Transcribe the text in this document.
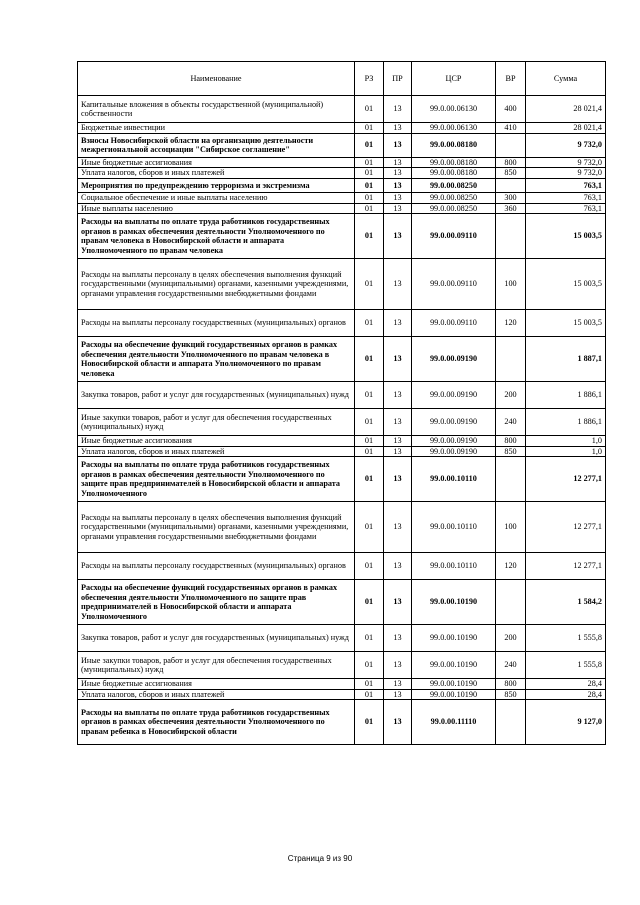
Наименование	РЗ	ПР	ЦСР	ВР	Сумма
Капитальные вложения в объекты государственной (муниципальной) собственности	01	13	99.0.00.06130	400	28 021,4
Бюджетные инвестиции	01	13	99.0.00.06130	410	28 021,4
Взносы Новосибирской области на организацию деятельности межрегиональной ассоциации "Сибирское соглашение"	01	13	99.0.00.08180		9 732,0
Иные бюджетные ассигнования	01	13	99.0.00.08180	800	9 732,0
Уплата налогов, сборов и иных платежей	01	13	99.0.00.08180	850	9 732,0
Мероприятия по предупреждению терроризма и экстремизма	01	13	99.0.00.08250		763,1
Социальное обеспечение и иные выплаты населению	01	13	99.0.00.08250	300	763,1
Иные выплаты населению	01	13	99.0.00.08250	360	763,1
Расходы на выплаты по оплате труда работников государственных органов в рамках обеспечения деятельности Уполномоченного по правам человека в Новосибирской области и аппарата Уполномоченного по правам человека	01	13	99.0.00.09110		15 003,5
Расходы на выплаты персоналу в целях обеспечения выполнения функций государственными (муниципальными) органами, казенными учреждениями, органами управления государственными внебюджетными фондами	01	13	99.0.00.09110	100	15 003,5
Расходы на выплаты персоналу государственных (муниципальных) органов	01	13	99.0.00.09110	120	15 003,5
Расходы на обеспечение функций государственных органов в рамках обеспечения деятельности Уполномоченного по правам человека в Новосибирской области и аппарата Уполномоченного по правам человека	01	13	99.0.00.09190		1 887,1
Закупка товаров, работ и услуг для государственных (муниципальных) нужд	01	13	99.0.00.09190	200	1 886,1
Иные закупки товаров, работ и услуг для обеспечения государственных (муниципальных) нужд	01	13	99.0.00.09190	240	1 886,1
Иные бюджетные ассигнования	01	13	99.0.00.09190	800	1,0
Уплата налогов, сборов и иных платежей	01	13	99.0.00.09190	850	1,0
Расходы на выплаты по оплате труда работников государственных органов в рамках обеспечения деятельности Уполномоченного по защите прав предпринимателей в Новосибирской области и аппарата Уполномоченного	01	13	99.0.00.10110		12 277,1
Расходы на выплаты персоналу в целях обеспечения выполнения функций государственными (муниципальными) органами, казенными учреждениями, органами управления государственными внебюджетными фондами	01	13	99.0.00.10110	100	12 277,1
Расходы на выплаты персоналу государственных (муниципальных) органов	01	13	99.0.00.10110	120	12 277,1
Расходы на обеспечение функций государственных органов в рамках обеспечения деятельности Уполномоченного по защите прав предпринимателей в Новосибирской области и аппарата Уполномоченного	01	13	99.0.00.10190		1 584,2
Закупка товаров, работ и услуг для государственных (муниципальных) нужд	01	13	99.0.00.10190	200	1 555,8
Иные закупки товаров, работ и услуг для обеспечения государственных (муниципальных) нужд	01	13	99.0.00.10190	240	1 555,8
Иные бюджетные ассигнования	01	13	99.0.00.10190	800	28,4
Уплата налогов, сборов и иных платежей	01	13	99.0.00.10190	850	28,4
Расходы на выплаты по оплате труда работников государственных органов в рамках обеспечения деятельности Уполномоченного по правам ребенка в Новосибирской области	01	13	99.0.00.11110		9 127,0
Страница 9 из 90
